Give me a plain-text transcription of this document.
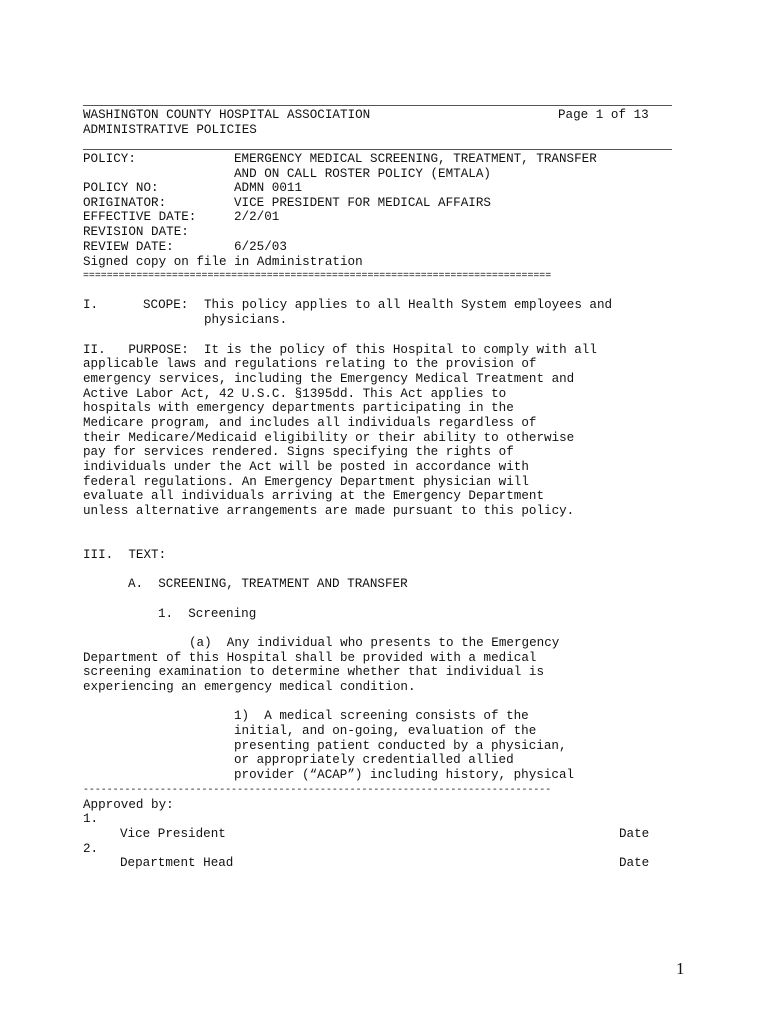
WASHINGTON COUNTY HOSPITAL ASSOCIATION	Page 1 of 13
ADMINISTRATIVE POLICIES
POLICY:	EMERGENCY MEDICAL SCREENING, TREATMENT, TRANSFER
AND ON CALL ROSTER POLICY (EMTALA)
POLICY NO:	ADMN 0011
ORIGINATOR:	VICE PRESIDENT FOR MEDICAL AFFAIRS
EFFECTIVE DATE:	2/2/01
REVISION DATE:
REVIEW DATE:	6/25/03
Signed copy on file in Administration
===============================================================================
I.	SCOPE: This policy applies to all Health System employees and
physicians.
II.   PURPOSE:  It is the policy of this Hospital to comply with all
applicable laws and regulations relating to the provision of
emergency services, including the Emergency Medical Treatment and
Active Labor Act, 42 U.S.C. §1395dd. This Act applies to
hospitals with emergency departments participating in the
Medicare program, and includes all individuals regardless of
their Medicare/Medicaid eligibility or their ability to otherwise
pay for services rendered. Signs specifying the rights of
individuals under the Act will be posted in accordance with
federal regulations. An Emergency Department physician will
evaluate all individuals arriving at the Emergency Department
unless alternative arrangements are made pursuant to this policy.
III.  TEXT:
A.  SCREENING, TREATMENT AND TRANSFER
1.  Screening
(a)  Any individual who presents to the Emergency
Department of this Hospital shall be provided with a medical
screening examination to determine whether that individual is
experiencing an emergency medical condition.
1)  A medical screening consists of the
initial, and on-going, evaluation of the
presenting patient conducted by a physician,
or appropriately credentialled allied
provider (“ACAP”) including history, physical
-------------------------------------------------------------------------------
Approved by:
1.
Vice President	Date
2.
Department Head	Date
1
